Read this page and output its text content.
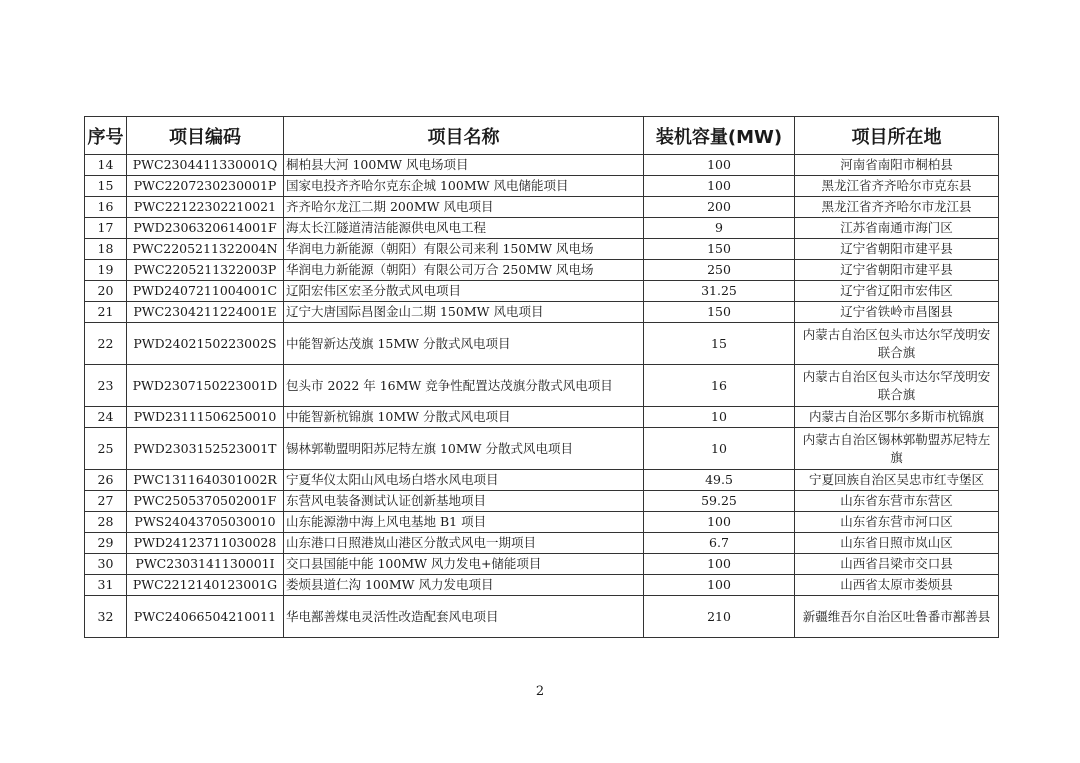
序号	项目编码	项目名称	装机容量(MW)	项目所在地
14	PWC2304411330001Q	桐柏县大河 100MW 风电场项目	100	河南省南阳市桐柏县
15	PWC2207230230001P	国家电投齐齐哈尔克东企城 100MW 风电储能项目	100	黑龙江省齐齐哈尔市克东县
16	PWC22122302210021	齐齐哈尔龙江二期 200MW 风电项目	200	黑龙江省齐齐哈尔市龙江县
17	PWD2306320614001F	海太长江隧道清洁能源供电风电工程	9	江苏省南通市海门区
18	PWC2205211322004N	华润电力新能源（朝阳）有限公司来利 150MW 风电场	150	辽宁省朝阳市建平县
19	PWC2205211322003P	华润电力新能源（朝阳）有限公司万合 250MW 风电场	250	辽宁省朝阳市建平县
20	PWD2407211004001C	辽阳宏伟区宏圣分散式风电项目	31.25	辽宁省辽阳市宏伟区
21	PWC2304211224001E	辽宁大唐国际昌图金山二期 150MW 风电项目	150	辽宁省铁岭市昌图县
22	PWD2402150223002S	中能智新达茂旗 15MW 分散式风电项目	15	内蒙古自治区包头市达尔罕茂明安联合旗
23	PWD2307150223001D	包头市 2022 年 16MW 竞争性配置达茂旗分散式风电项目	16	内蒙古自治区包头市达尔罕茂明安联合旗
24	PWD23111506250010	中能智新杭锦旗 10MW 分散式风电项目	10	内蒙古自治区鄂尔多斯市杭锦旗
25	PWD2303152523001T	锡林郭勒盟明阳苏尼特左旗 10MW 分散式风电项目	10	内蒙古自治区锡林郭勒盟苏尼特左旗
26	PWC1311640301002R	宁夏华仪太阳山风电场白塔水风电项目	49.5	宁夏回族自治区吴忠市红寺堡区
27	PWC2505370502001F	东营风电装备测试认证创新基地项目	59.25	山东省东营市东营区
28	PWS24043705030010	山东能源渤中海上风电基地 B1 项目	100	山东省东营市河口区
29	PWD24123711030028	山东港口日照港岚山港区分散式风电一期项目	6.7	山东省日照市岚山区
30	PWC2303141130001I	交口县国能中能 100MW 风力发电+储能项目	100	山西省吕梁市交口县
31	PWC2212140123001G	娄烦县道仁沟 100MW 风力发电项目	100	山西省太原市娄烦县
32	PWC24066504210011	华电鄯善煤电灵活性改造配套风电项目	210	新疆维吾尔自治区吐鲁番市鄯善县
2
